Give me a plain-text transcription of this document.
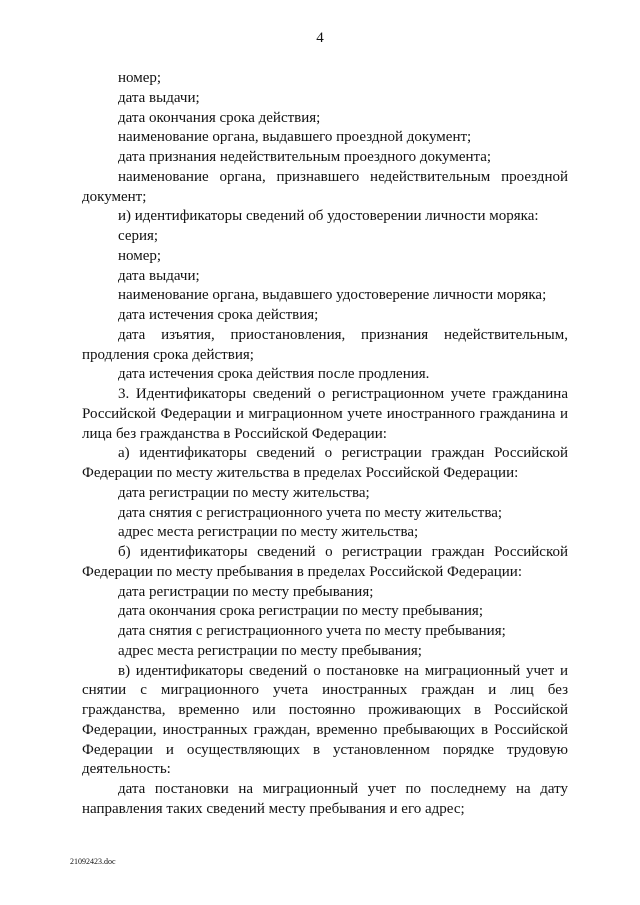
4

номер;

дата выдачи;

дата окончания срока действия;

наименование органа, выдавшего проездной документ;

дата признания недействительным проездного документа;

наименование органа, признавшего недействительным проездной документ;

и) идентификаторы сведений об удостоверении личности моряка:

серия;

номер;

дата выдачи;

наименование органа, выдавшего удостоверение личности моряка;

дата истечения срока действия;

дата изъятия, приостановления, признания недействительным, продления срока действия;

дата истечения срока действия после продления.

3. Идентификаторы сведений о регистрационном учете гражданина Российской Федерации и миграционном учете иностранного гражданина и лица без гражданства в Российской Федерации:

а) идентификаторы сведений о регистрации граждан Российской Федерации по месту жительства в пределах Российской Федерации:

дата регистрации по месту жительства;

дата снятия с регистрационного учета по месту жительства;

адрес места регистрации по месту жительства;

б) идентификаторы сведений о регистрации граждан Российской Федерации по месту пребывания в пределах Российской Федерации:

дата регистрации по месту пребывания;

дата окончания срока регистрации по месту пребывания;

дата снятия с регистрационного учета по месту пребывания;

адрес места регистрации по месту пребывания;

в) идентификаторы сведений о постановке на миграционный учет и снятии с миграционного учета иностранных граждан и лиц без гражданства, временно или постоянно проживающих в Российской Федерации, иностранных граждан, временно пребывающих в Российской Федерации и осуществляющих в установленном порядке трудовую деятельность:

дата постановки на миграционный учет по последнему на дату направления таких сведений месту пребывания и его адрес;

21092423.doc
